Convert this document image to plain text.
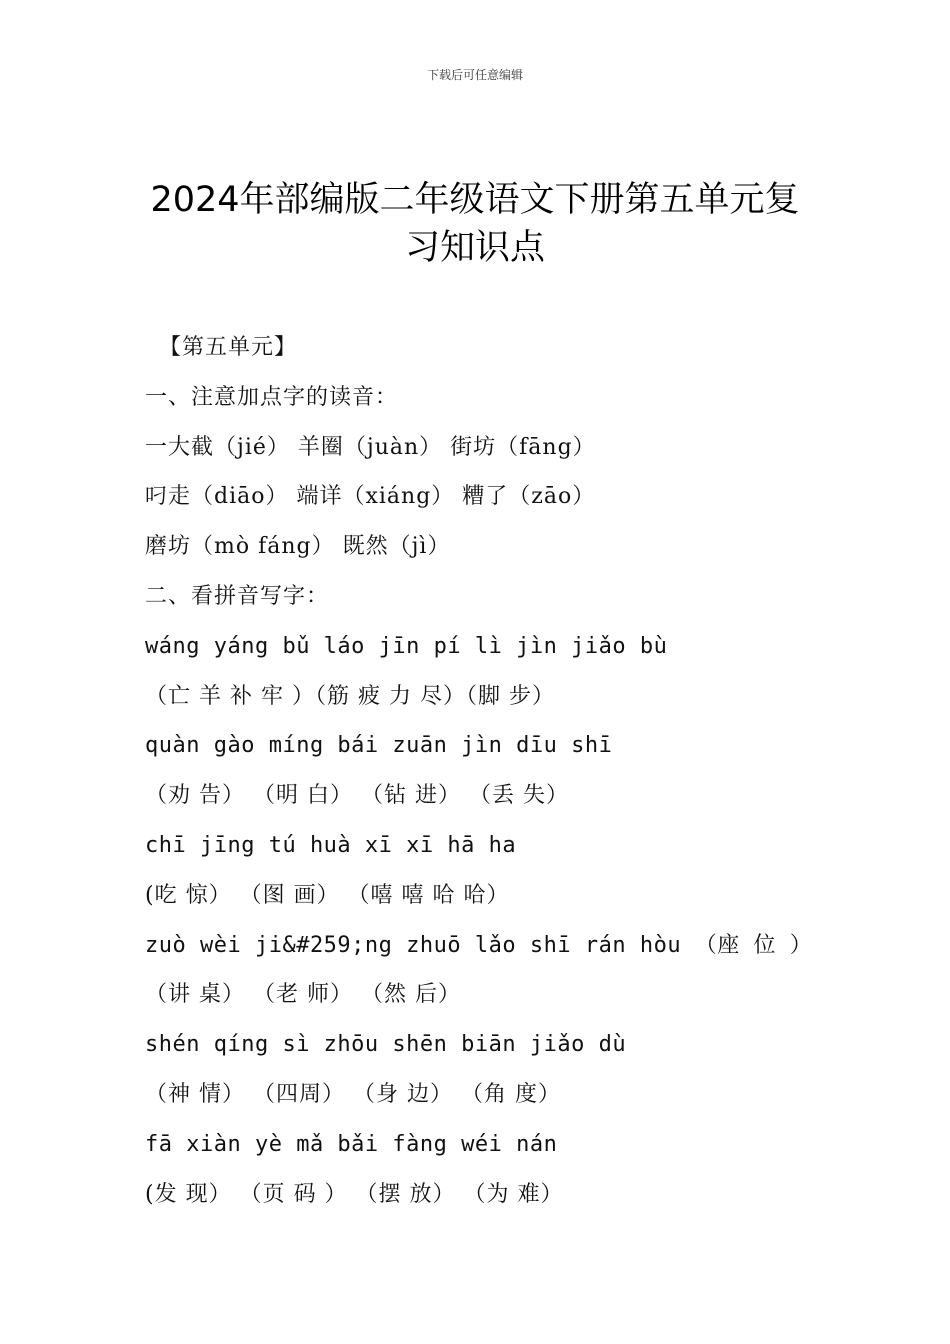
下载后可任意编辑
2024年部编版二年级语文下册第五单元复
习知识点
【第五单元】
一、注意加点字的读音：
一大截（jié） 羊圈（juàn） 街坊（fāng）
叼走（diāo） 端详（xiáng） 糟了（zāo）
磨坊（mò fáng） 既然（jì）
二、看拼音写字：
wáng yáng bǔ láo jīn pí lì jìn jiǎo bù
（亡 羊 补 牢 ）（筋 疲 力 尽）（脚 步）
quàn gào míng bái zuān jìn dīu shī
（劝 告） （明 白） （钻 进） （丢 失）
chī jīng tú huà xī xī hā ha
(吃 惊） （图 画） （嘻 嘻 哈 哈）
zuò wèi ji&#259;ng zhuō lǎo shī rán hòu （座 位 ）
（讲 桌） （老 师） （然 后）
shén qíng sì zhōu shēn biān jiǎo dù
（神 情） （四周） （身 边） （角 度）
fā xiàn yè mǎ bǎi fàng wéi nán
(发 现） （页 码 ） （摆 放） （为 难）
